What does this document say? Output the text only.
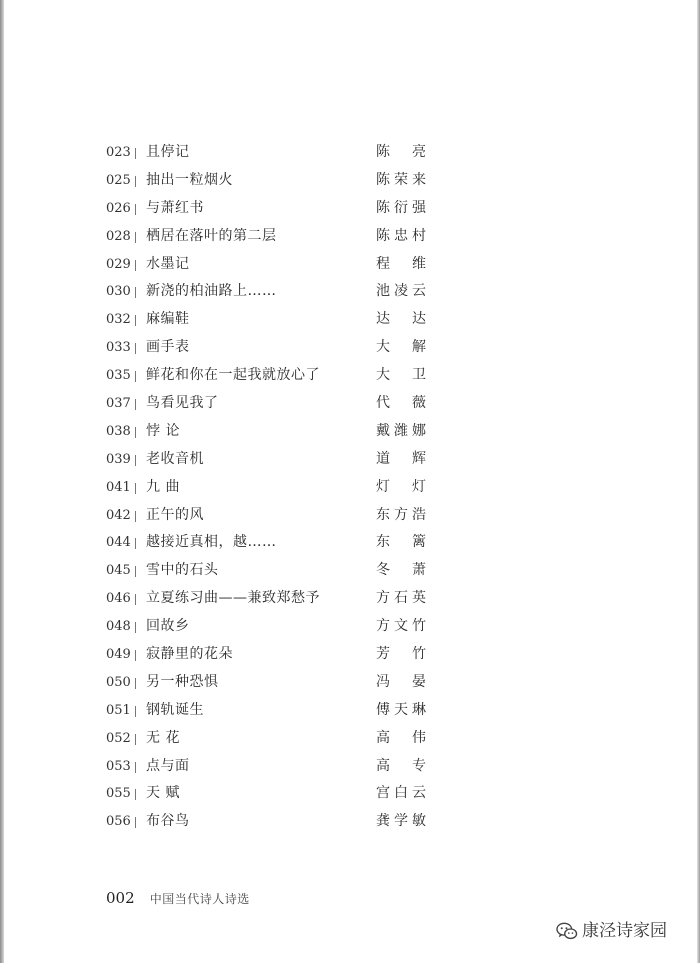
023 且停记	陈 亮
025 抽出一粒烟火	陈荣来
026 与萧红书	陈衍强
028 栖居在落叶的第二层	陈忠村
029 水墨记	程 维
030 新浇的柏油路上……	池凌云
032 麻编鞋	达 达
033 画手表	大 解
035 鲜花和你在一起我就放心了	大 卫
037 鸟看见我了	代 薇
038 悖 论	戴潍娜
039 老收音机	道 辉
041 九 曲	灯 灯
042 正午的风	东方浩
044 越接近真相，越……	东 篱
045 雪中的石头	冬 萧
046 立夏练习曲——兼致郑愁予	方石英
048 回故乡	方文竹
049 寂静里的花朵	芳 竹
050 另一种恐惧	冯 晏
051 钢轨诞生	傅天琳
052 无 花	高 伟
053 点与面	高 专
055 天 赋	宫白云
056 布谷鸟	龚学敏
002 中国当代诗人诗选
康泾诗家园
